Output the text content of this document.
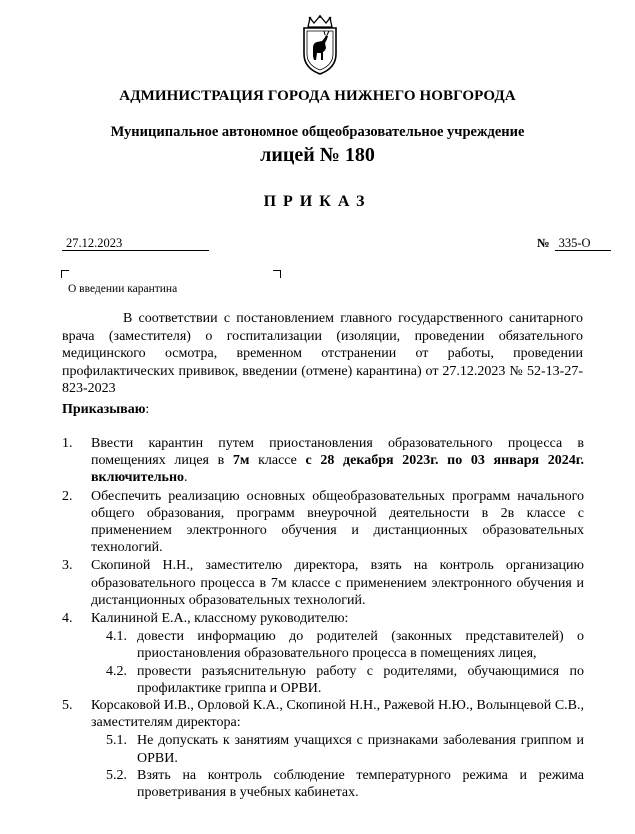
АДМИНИСТРАЦИЯ ГОРОДА НИЖНЕГО НОВГОРОДА
Муниципальное автономное общеобразовательное учреждение
лицей № 180
ПРИКАЗ
27.12.2023	№ 335-О
О введении карантина
В соответствии с постановлением главного государственного санитарного врача (заместителя) о госпитализации (изоляции, проведении обязательного медицинского осмотра, временном отстранении от работы, проведении профилактических прививок, введении (отмене) карантина) от 27.12.2023 № 52-13-27-823-2023
Приказываю:
1. Ввести карантин путем приостановления образовательного процесса в помещениях лицея в 7м классе с 28 декабря 2023г. по 03 января 2024г. включительно.
2. Обеспечить реализацию основных общеобразовательных программ начального общего образования, программ внеурочной деятельности в 2в классе с применением электронного обучения и дистанционных образовательных технологий.
3. Скопиной Н.Н., заместителю директора, взять на контроль организацию образовательного процесса в 7м классе с применением электронного обучения и дистанционных образовательных технологий.
4. Калининой Е.А., классному руководителю:
4.1. довести информацию до родителей (законных представителей) о приостановления образовательного процесса в помещениях лицея,
4.2. провести разъяснительную работу с родителями, обучающимися по профилактике гриппа и ОРВИ.
5. Корсаковой И.В., Орловой К.А., Скопиной Н.Н., Ражевой Н.Ю., Волынцевой С.В., заместителям директора:
5.1. Не допускать к занятиям учащихся с признаками заболевания гриппом и ОРВИ.
5.2. Взять на контроль соблюдение температурного режима и режима проветривания в учебных кабинетах.
